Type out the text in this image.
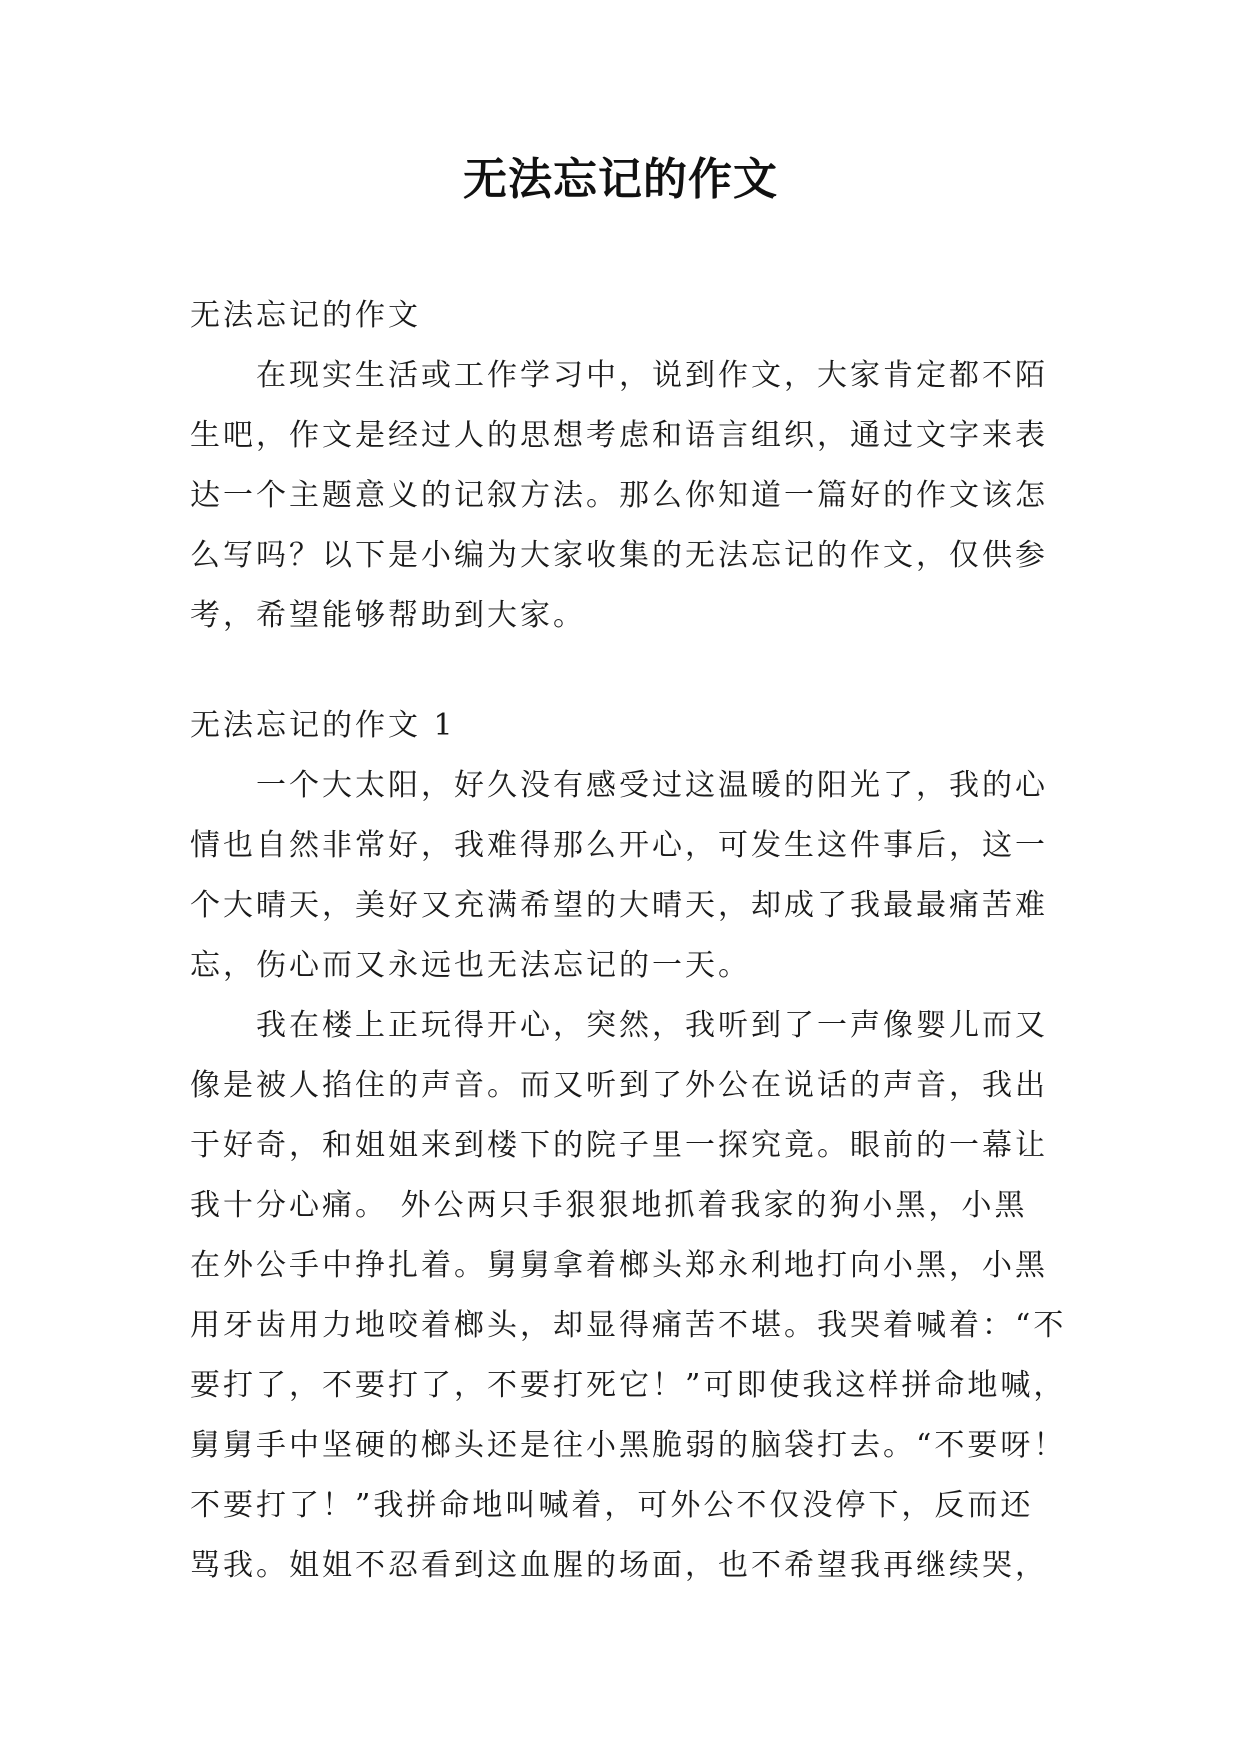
无法忘记的作文
无法忘记的作文
在现实生活或工作学习中，说到作文，大家肯定都不陌
生吧，作文是经过人的思想考虑和语言组织，通过文字来表
达一个主题意义的记叙方法。那么你知道一篇好的作文该怎
么写吗？以下是小编为大家收集的无法忘记的作文，仅供参
考，希望能够帮助到大家。
无法忘记的作文 1
一个大太阳，好久没有感受过这温暖的阳光了，我的心
情也自然非常好，我难得那么开心，可发生这件事后，这一
个大晴天，美好又充满希望的大晴天，却成了我最最痛苦难
忘，伤心而又永远也无法忘记的一天。
我在楼上正玩得开心，突然，我听到了一声像婴儿而又
像是被人掐住的声音。而又听到了外公在说话的声音，我出
于好奇，和姐姐来到楼下的院子里一探究竟。眼前的一幕让
我十分心痛。 外公两只手狠狠地抓着我家的狗小黑，小黑
在外公手中挣扎着。舅舅拿着榔头郑永利地打向小黑，小黑
用牙齿用力地咬着榔头，却显得痛苦不堪。我哭着喊着：“不
要打了，不要打了，不要打死它！”可即使我这样拼命地喊，
舅舅手中坚硬的榔头还是往小黑脆弱的脑袋打去。“不要呀！
不要打了！”我拼命地叫喊着，可外公不仅没停下，反而还
骂我。姐姐不忍看到这血腥的场面，也不希望我再继续哭，
